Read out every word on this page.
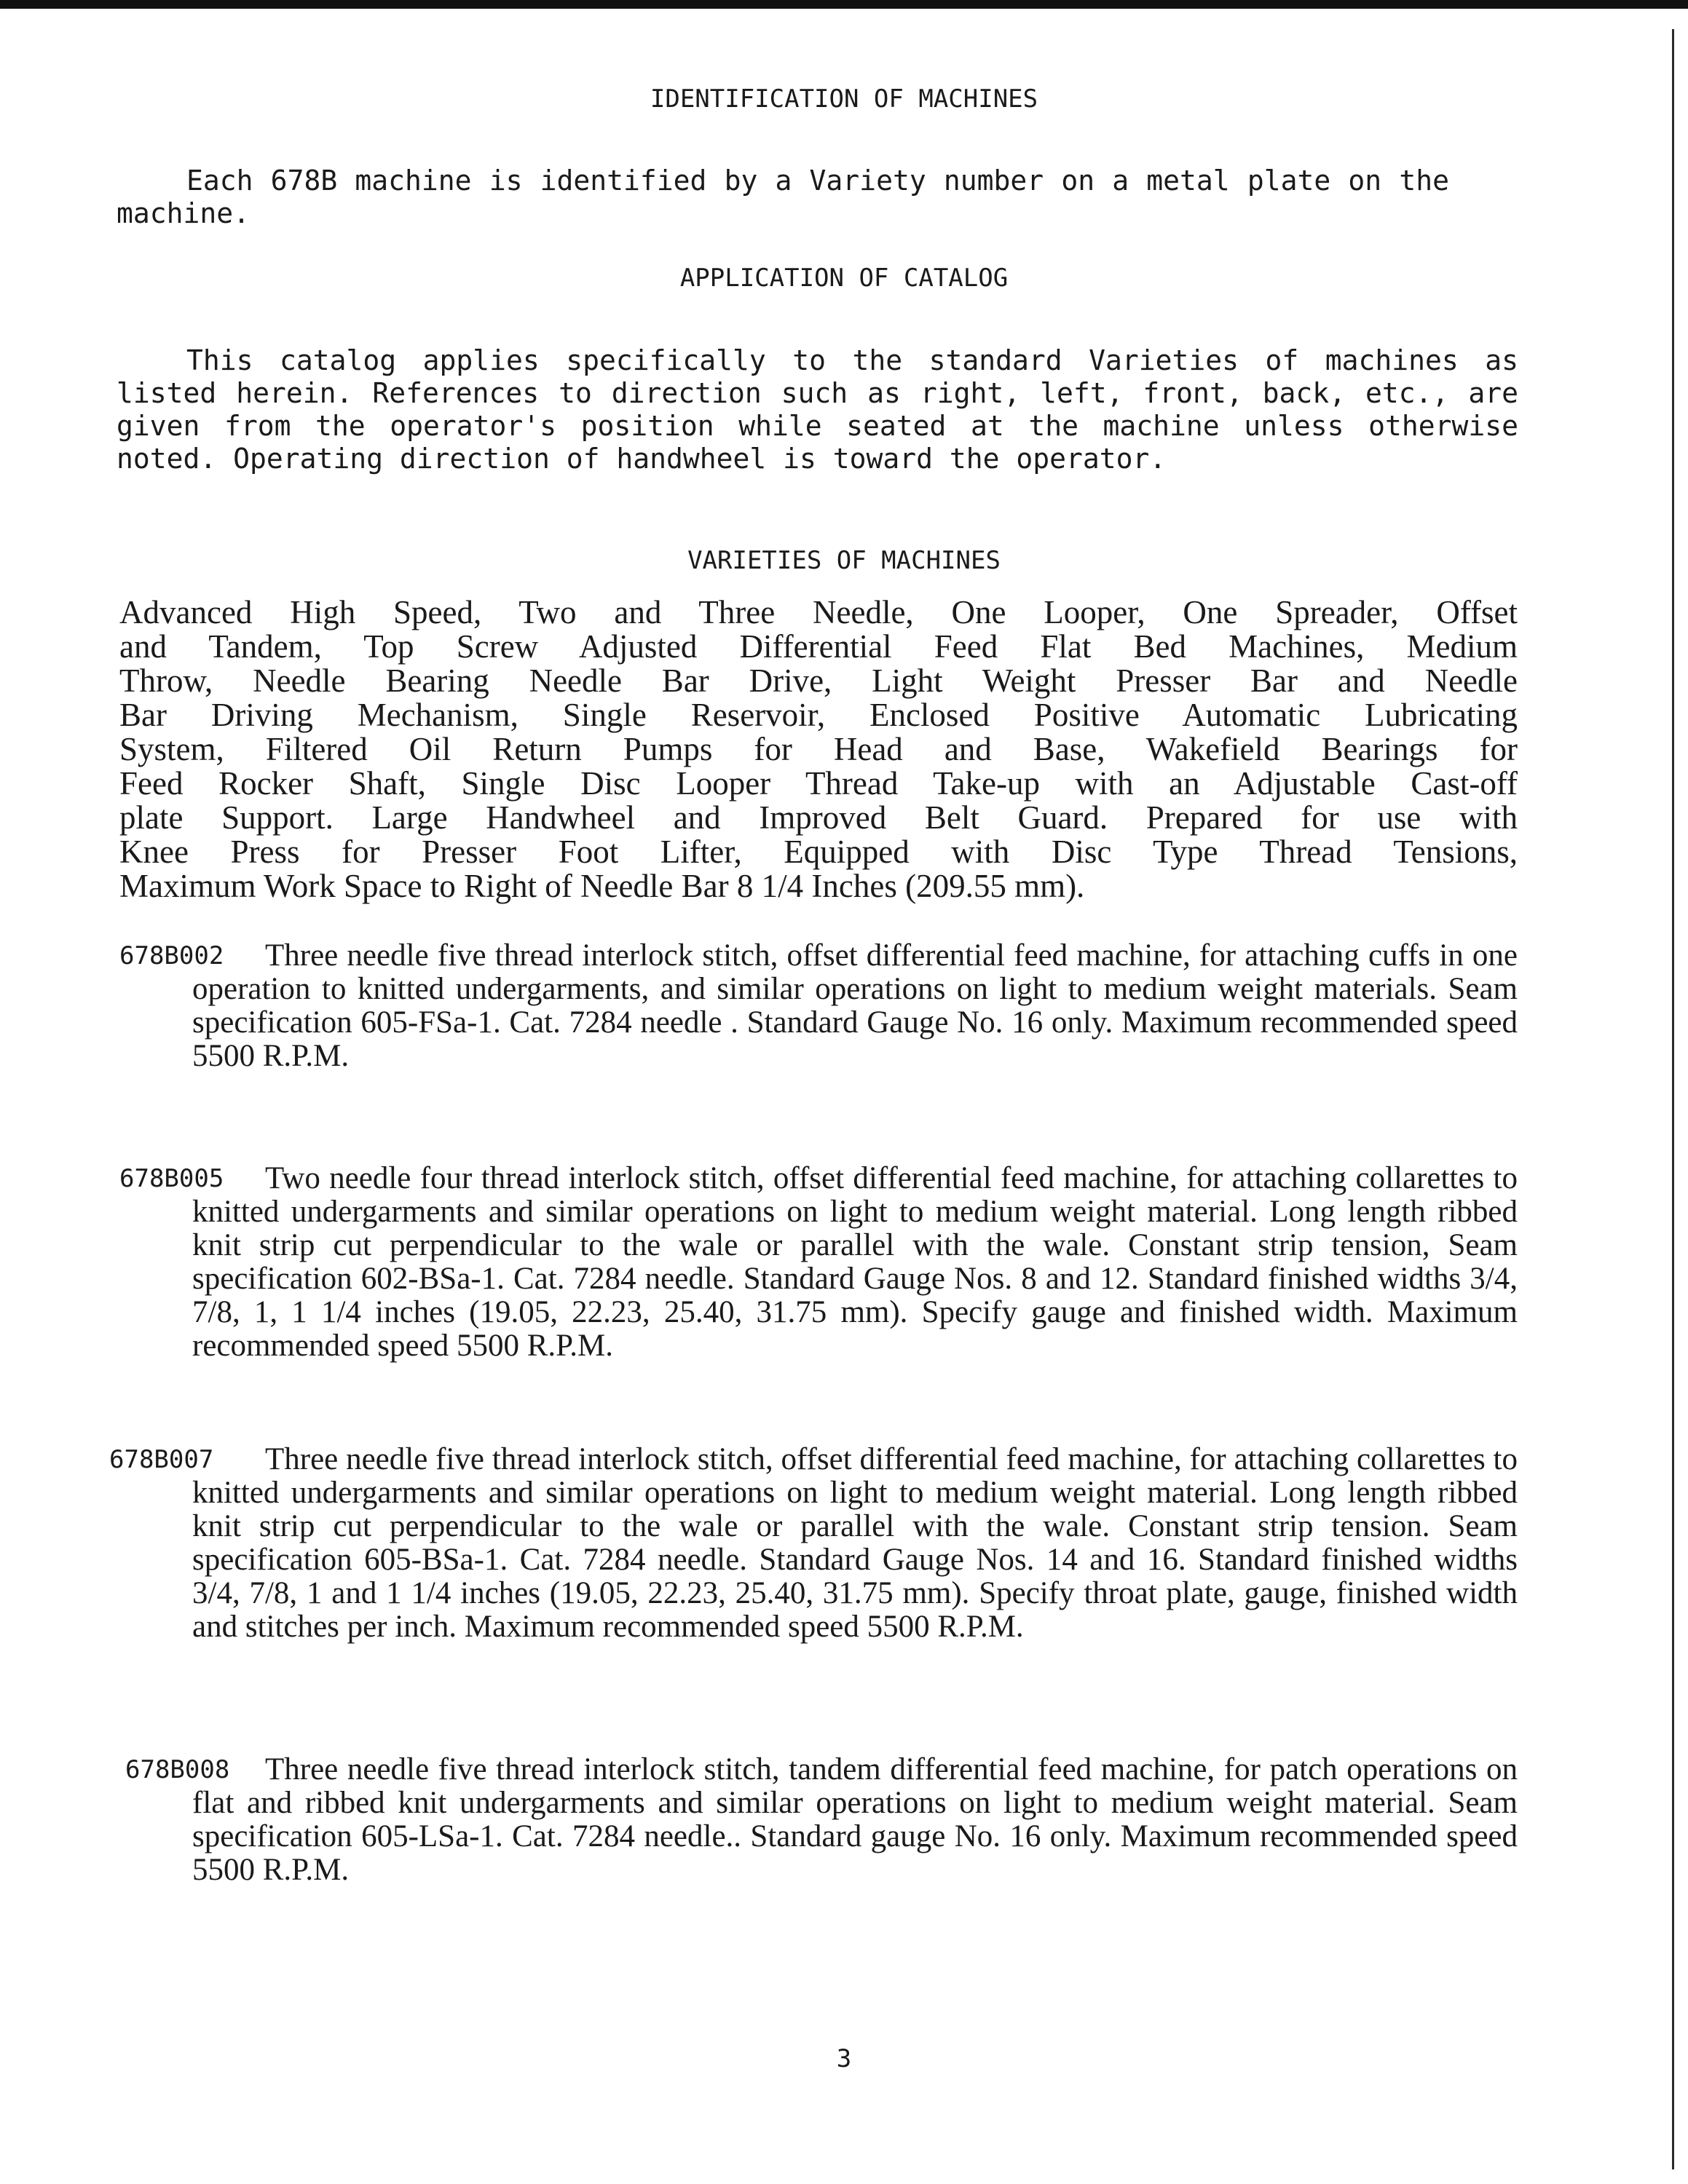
IDENTIFICATION OF MACHINES

Each 678B machine is identified by a Variety number on a metal plate on the machine.

APPLICATION OF CATALOG

This catalog applies specifically to the standard Varieties of machines as listed herein. References to direction such as right, left, front, back, etc., are given from the operator's position while seated at the machine unless otherwise noted. Operating direction of handwheel is toward the operator.

VARIETIES OF MACHINES
Advanced High Speed, Two and Three Needle, One Looper, One Spreader, Offset
and Tandem, Top Screw Adjusted Differential Feed Flat Bed Machines, Medium
Throw, Needle Bearing Needle Bar Drive, Light Weight Presser Bar and Needle
Bar Driving Mechanism, Single Reservoir, Enclosed Positive Automatic Lubricating
System, Filtered Oil Return Pumps for Head and Base, Wakefield Bearings for
Feed Rocker Shaft, Single Disc Looper Thread Take-up with an Adjustable Cast-off
plate Support. Large Handwheel and Improved Belt Guard. Prepared for use with
Knee Press for Presser Foot Lifter, Equipped with Disc Type Thread Tensions,
Maximum Work Space to Right of Needle Bar 8 1/4 Inches (209.55 mm).
678B002	Three needle five thread interlock stitch, offset differential feed machine, for attaching cuffs in one operation to knitted undergarments, and similar operations on light to medium weight materials. Seam specification 605-FSa-1. Cat. 7284 needle . Standard Gauge No. 16 only. Maximum recommended speed 5500 R.P.M.
678B005	Two needle four thread interlock stitch, offset differential feed machine, for attaching collarettes to knitted undergarments and similar operations on light to medium weight material. Long length ribbed knit strip cut perpendicular to the wale or parallel with the wale. Constant strip tension, Seam specification 602-BSa-1. Cat. 7284 needle. Standard Gauge Nos. 8 and 12. Standard finished widths 3/4, 7/8, 1, 1 1/4 inches (19.05, 22.23, 25.40, 31.75 mm). Specify gauge and finished width. Maximum recommended speed 5500 R.P.M.
678B007	Three needle five thread interlock stitch, offset differential feed machine, for attaching collarettes to knitted undergarments and similar operations on light to medium weight material. Long length ribbed knit strip cut perpendicular to the wale or parallel with the wale. Constant strip tension. Seam specification 605-BSa-1. Cat. 7284 needle. Standard Gauge Nos. 14 and 16. Standard finished widths 3/4, 7/8, 1 and 1 1/4 inches (19.05, 22.23, 25.40, 31.75 mm). Specify throat plate, gauge, finished width and stitches per inch. Maximum recommended speed 5500 R.P.M.
678B008	Three needle five thread interlock stitch, tandem differential feed machine, for patch operations on flat and ribbed knit undergarments and similar operations on light to medium weight material. Seam specification 605-LSa-1. Cat. 7284 needle.. Standard gauge No. 16 only. Maximum recommended speed 5500 R.P.M.
3
